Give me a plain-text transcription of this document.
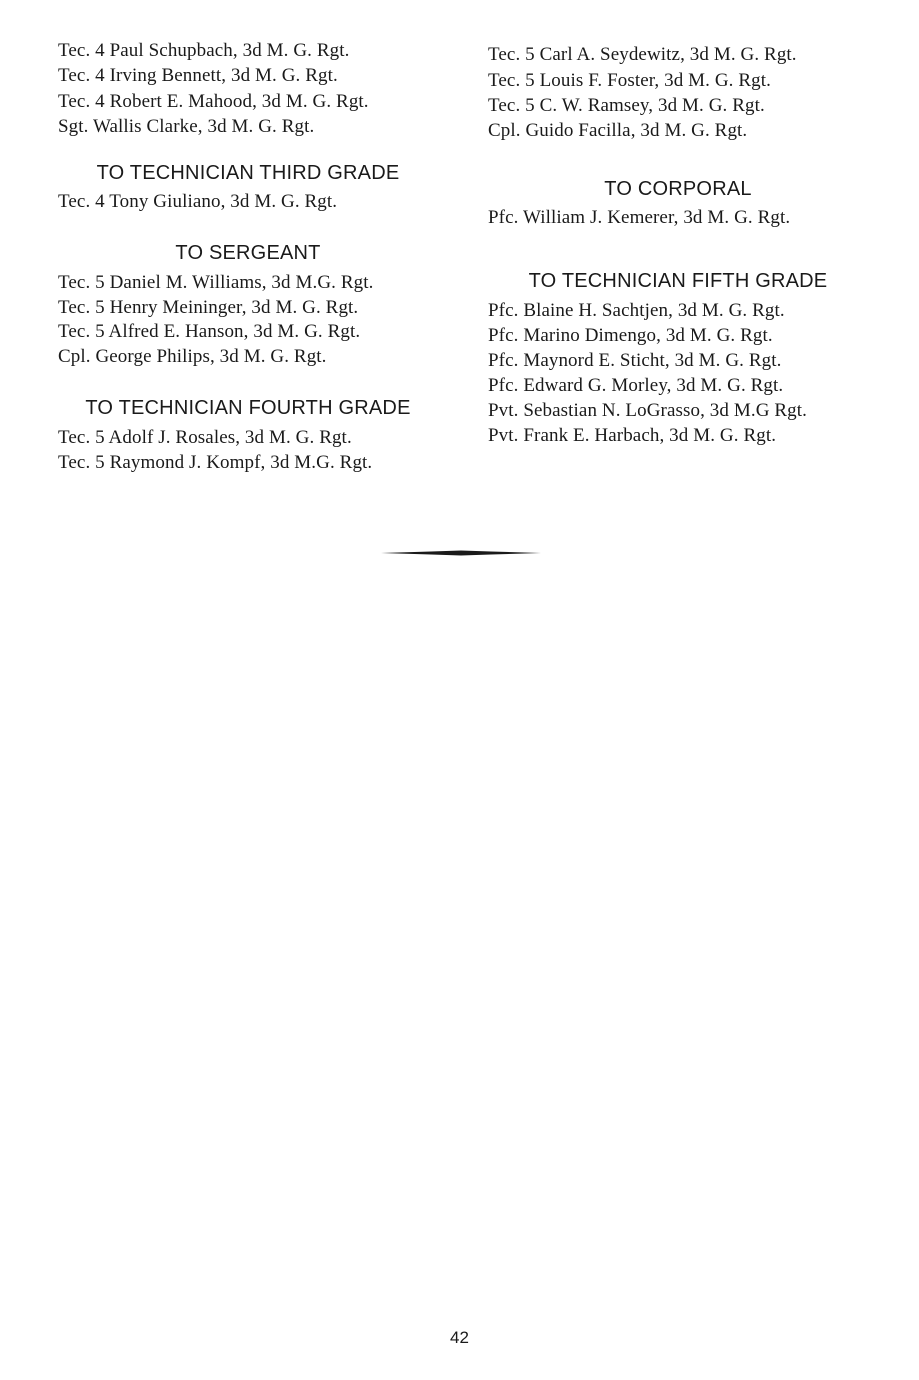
Tec. 4 Paul Schupbach, 3d M. G. Rgt.
Tec. 4 Irving Bennett, 3d M. G. Rgt.
Tec. 4 Robert E. Mahood, 3d M. G. Rgt.
Sgt. Wallis Clarke, 3d M. G. Rgt.
TO TECHNICIAN THIRD GRADE
Tec. 4 Tony Giuliano, 3d M. G. Rgt.
TO SERGEANT
Tec. 5 Daniel M. Williams, 3d M.G. Rgt.
Tec. 5 Henry Meininger, 3d M. G. Rgt.
Tec. 5 Alfred E. Hanson, 3d M. G. Rgt.
Cpl. George Philips, 3d M. G. Rgt.
TO TECHNICIAN FOURTH GRADE
Tec. 5 Adolf J. Rosales, 3d M. G. Rgt.
Tec. 5 Raymond J. Kompf, 3d M.G. Rgt.
Tec. 5 Carl A. Seydewitz, 3d M. G. Rgt.
Tec. 5 Louis F. Foster, 3d M. G. Rgt.
Tec. 5 C. W. Ramsey, 3d M. G. Rgt.
Cpl. Guido Facilla, 3d M. G. Rgt.
TO CORPORAL
Pfc. William J. Kemerer, 3d M. G. Rgt.
TO TECHNICIAN FIFTH GRADE
Pfc. Blaine H. Sachtjen, 3d M. G. Rgt.
Pfc. Marino Dimengo, 3d M. G. Rgt.
Pfc. Maynord E. Sticht, 3d M. G. Rgt.
Pfc. Edward G. Morley, 3d M. G. Rgt.
Pvt. Sebastian N. LoGrasso, 3d M.G Rgt.
Pvt. Frank E. Harbach, 3d M. G. Rgt.
42
